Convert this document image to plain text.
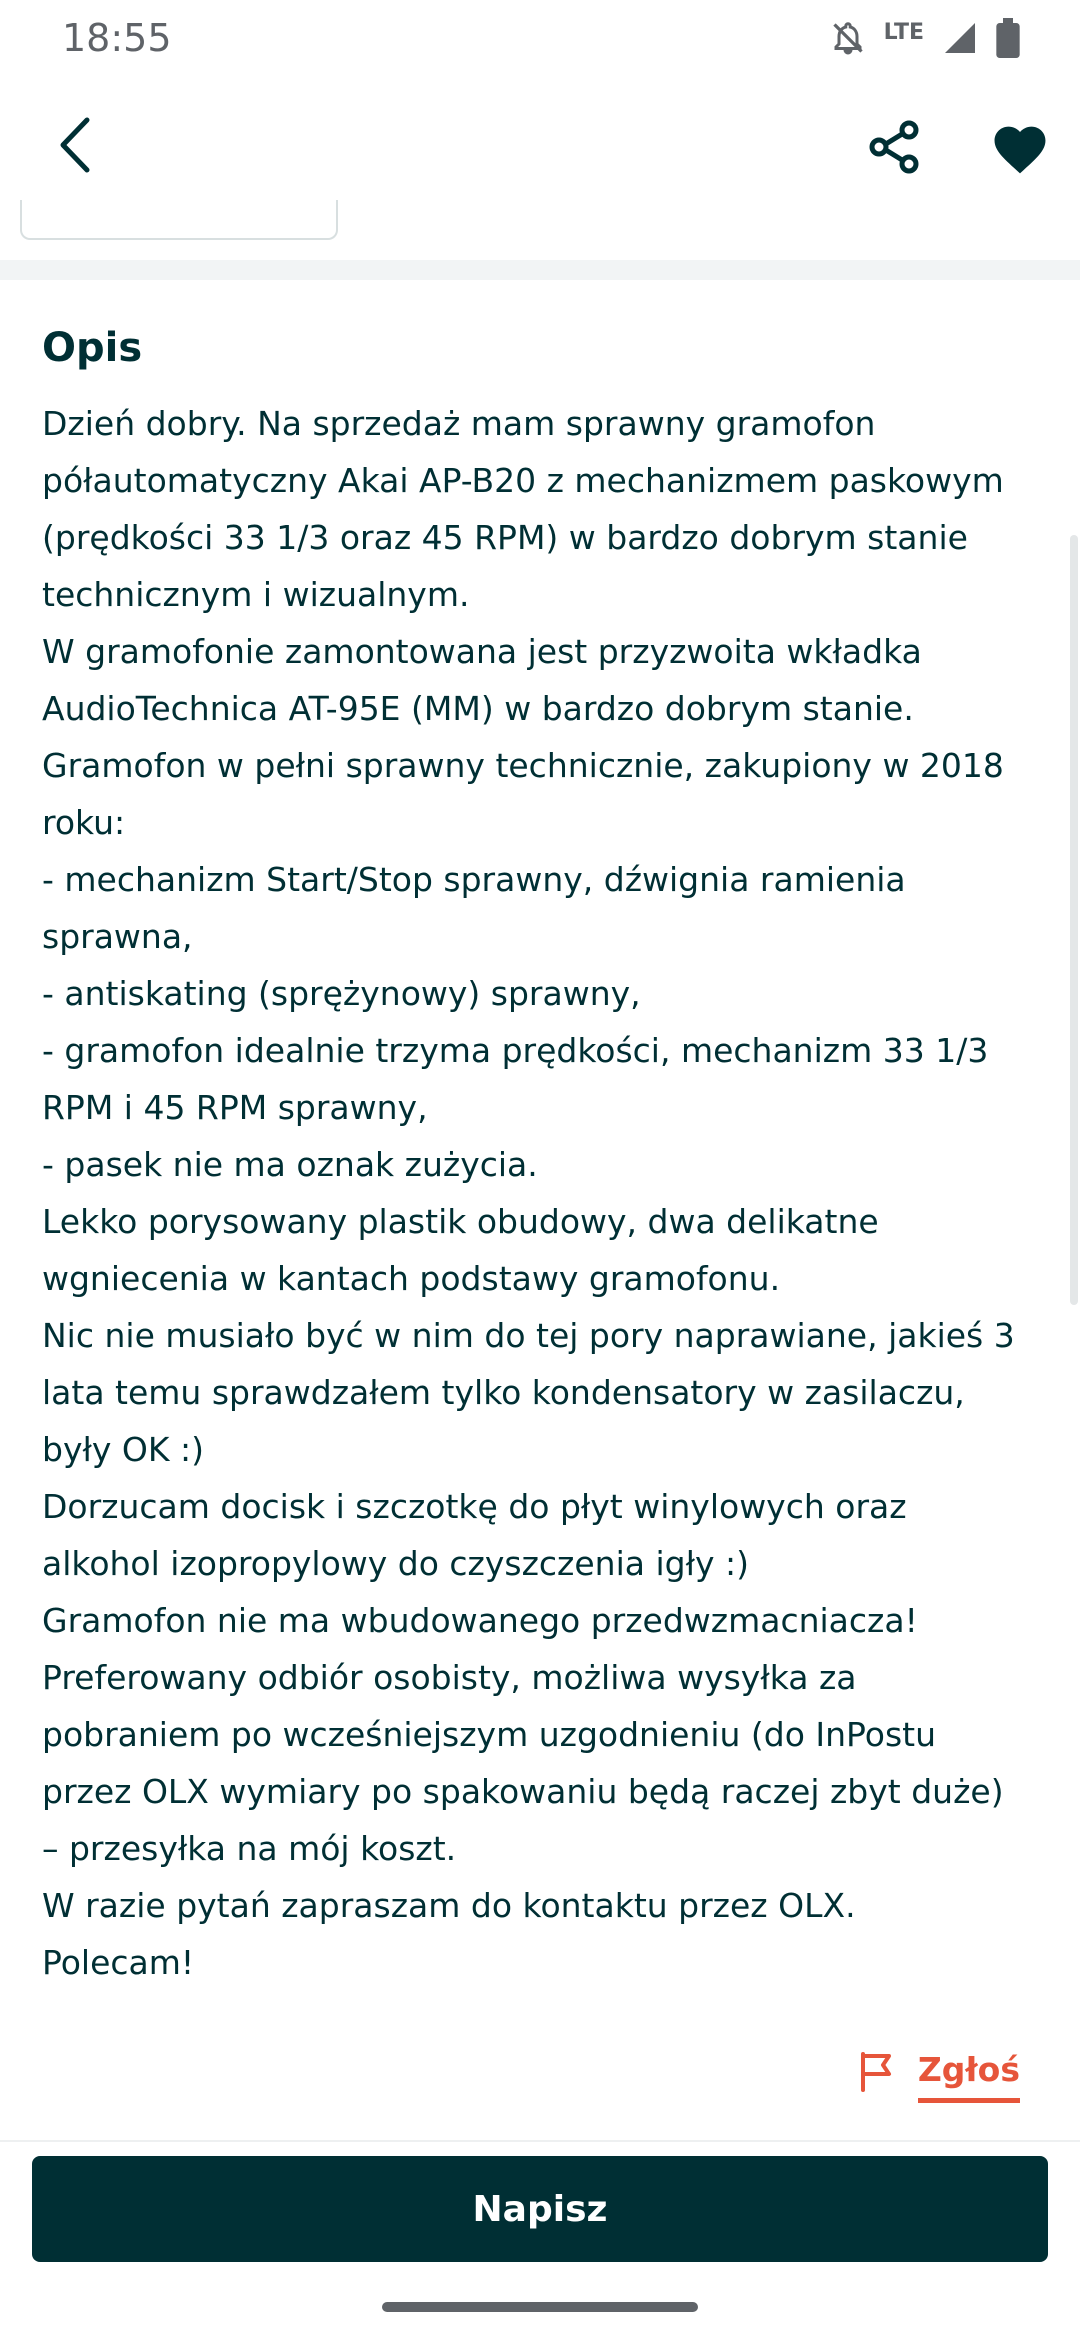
18:55	LTE
Opis

Dzień dobry. Na sprzedaż mam sprawny gramofon półautomatyczny Akai AP-B20 z mechanizmem paskowym (prędkości 33 1/3 oraz 45 RPM) w bardzo dobrym stanie technicznym i wizualnym.

W gramofonie zamontowana jest przyzwoita wkładka AudioTechnica AT-95E (MM) w bardzo dobrym stanie.

Gramofon w pełni sprawny technicznie, zakupiony w 2018 roku:

- mechanizm Start/Stop sprawny, dźwignia ramienia sprawna,

- antiskating (sprężynowy) sprawny,

- gramofon idealnie trzyma prędkości, mechanizm 33 1/3 RPM i 45 RPM sprawny,

- pasek nie ma oznak zużycia.

Lekko porysowany plastik obudowy, dwa delikatne wgniecenia w kantach podstawy gramofonu.

Nic nie musiało być w nim do tej pory naprawiane, jakieś 3 lata temu sprawdzałem tylko kondensatory w zasilaczu, były OK :)

Dorzucam docisk i szczotkę do płyt winylowych oraz alkohol izopropylowy do czyszczenia igły :)

Gramofon nie ma wbudowanego przedwzmacniacza!

Preferowany odbiór osobisty, możliwa wysyłka za pobraniem po wcześniejszym uzgodnieniu (do InPostu przez OLX wymiary po spakowaniu będą raczej zbyt duże) – przesyłka na mój koszt.

W razie pytań zapraszam do kontaktu przez OLX.

Polecam!

Zgłoś
Napisz
